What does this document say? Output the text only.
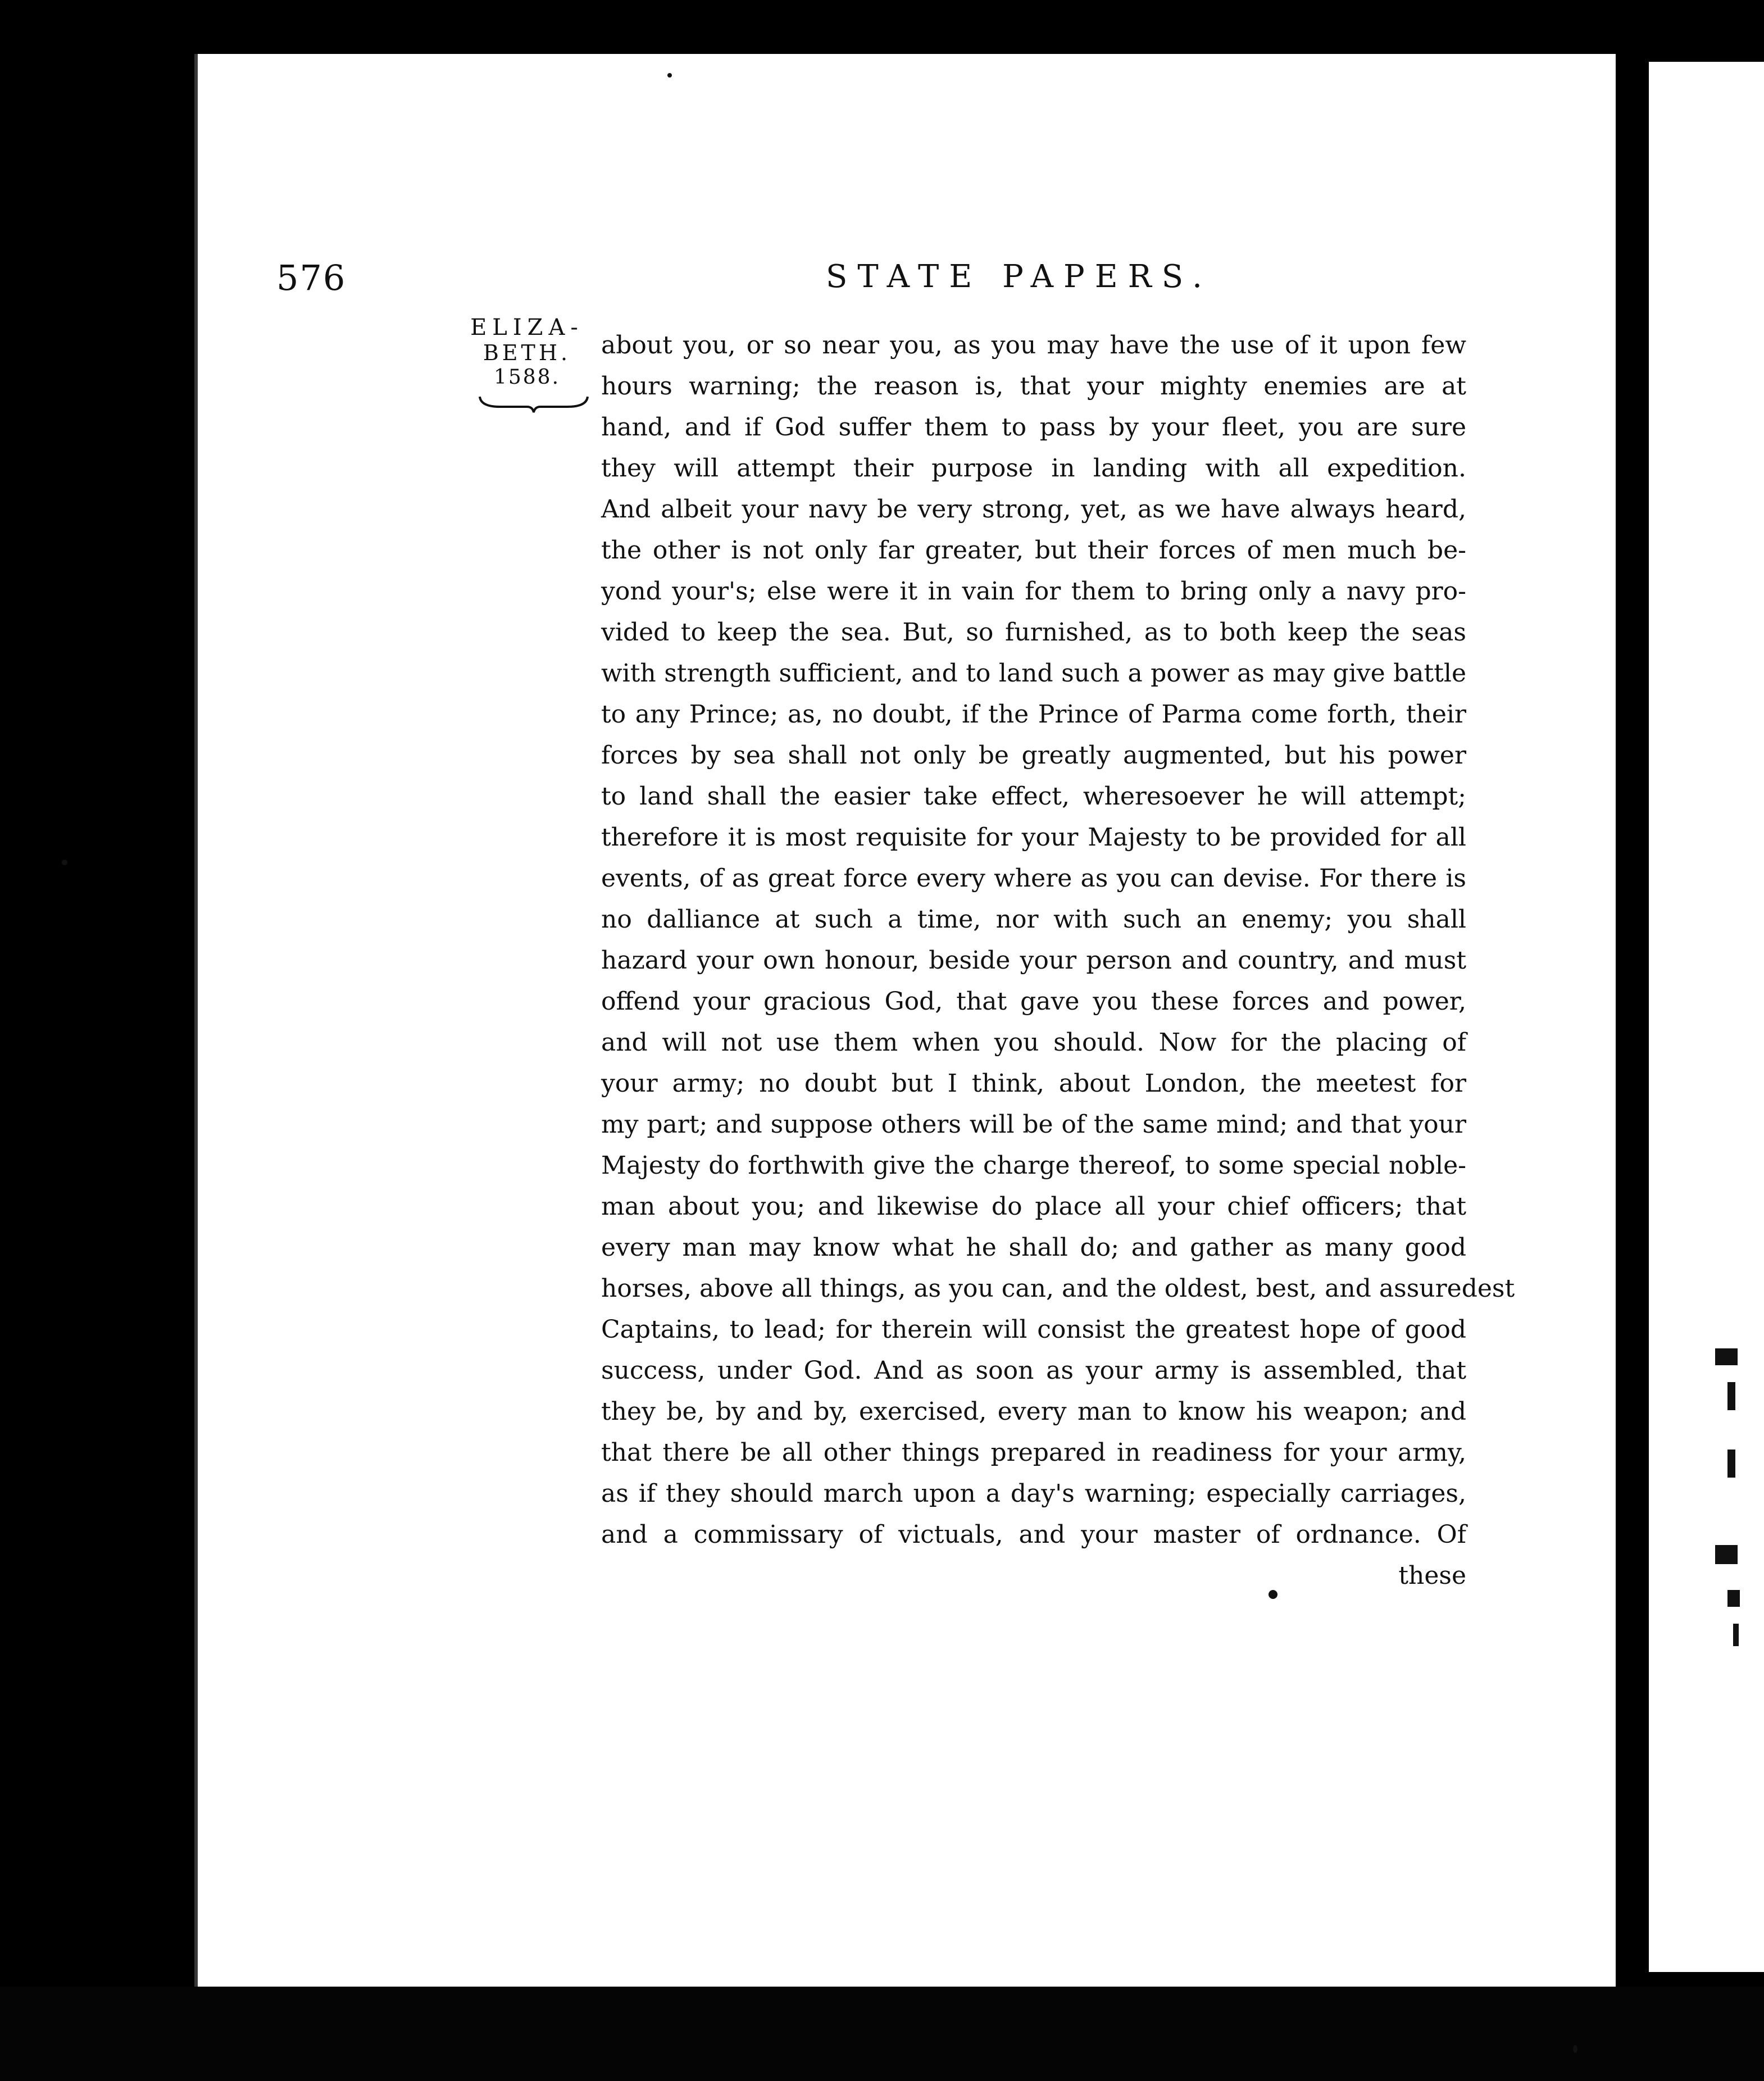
576	STATE PAPERS.
ELIZA-
BETH.
1588.
about you, or so near you, as you may have the use of it upon few
hours warning; the reason is, that your mighty enemies are at
hand, and if God suffer them to pass by your fleet, you are sure
they will attempt their purpose in landing with all expedition.
And albeit your navy be very strong, yet, as we have always heard,
the other is not only far greater, but their forces of men much be-
yond your's; else were it in vain for them to bring only a navy pro-
vided to keep the sea. But, so furnished, as to both keep the seas
with strength sufficient, and to land such a power as may give battle
to any Prince; as, no doubt, if the Prince of Parma come forth, their
forces by sea shall not only be greatly augmented, but his power
to land shall the easier take effect, wheresoever he will attempt;
therefore it is most requisite for your Majesty to be provided for all
events, of as great force every where as you can devise. For there is
no dalliance at such a time, nor with such an enemy; you shall
hazard your own honour, beside your person and country, and must
offend your gracious God, that gave you these forces and power,
and will not use them when you should. Now for the placing of
your army; no doubt but I think, about London, the meetest for
my part; and suppose others will be of the same mind; and that your
Majesty do forthwith give the charge thereof, to some special noble-
man about you; and likewise do place all your chief officers; that
every man may know what he shall do; and gather as many good
horses, above all things, as you can, and the oldest, best, and assuredest
Captains, to lead; for therein will consist the greatest hope of good
success, under God. And as soon as your army is assembled, that
they be, by and by, exercised, every man to know his weapon; and
that there be all other things prepared in readiness for your army,
as if they should march upon a day's warning; especially carriages,
and a commissary of victuals, and your master of ordnance. Of
these
